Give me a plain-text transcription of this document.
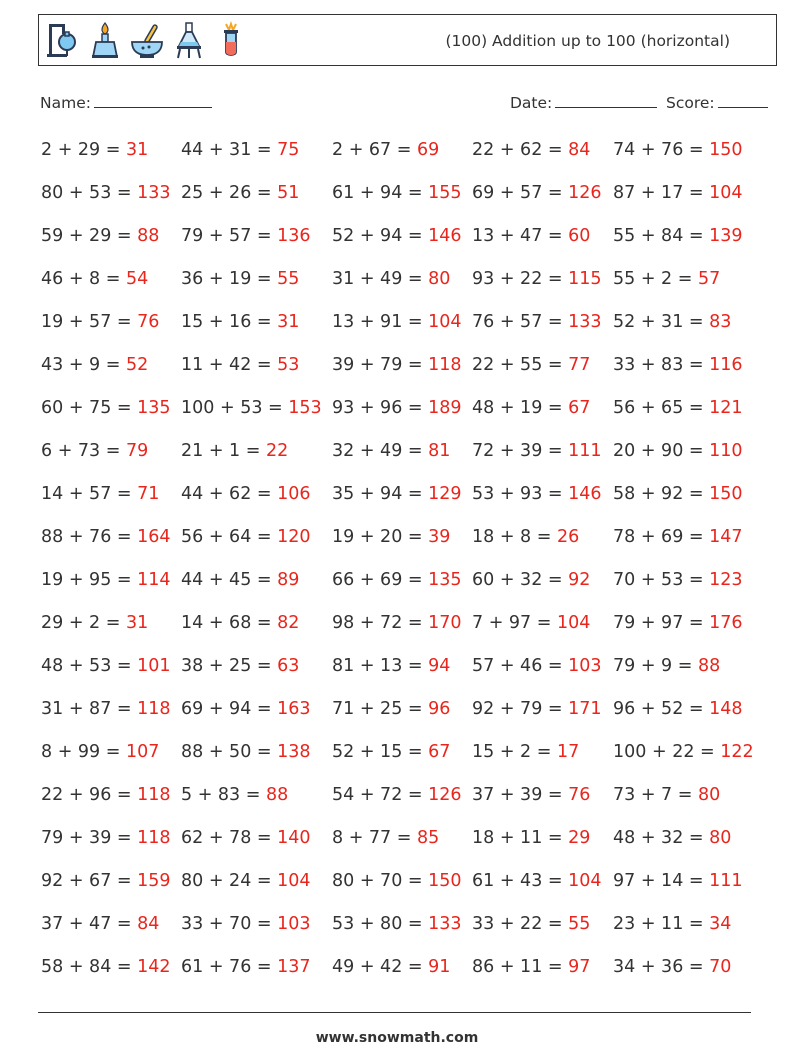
(100) Addition up to 100 (horizontal)
Name:	Date:	Score:
2 + 29 = 31 44 + 31 = 75 2 + 67 = 69 22 + 62 = 84 74 + 76 = 150
80 + 53 = 133 25 + 26 = 51 61 + 94 = 155 69 + 57 = 126 87 + 17 = 104
59 + 29 = 88 79 + 57 = 136 52 + 94 = 146 13 + 47 = 60 55 + 84 = 139
46 + 8 = 54 36 + 19 = 55 31 + 49 = 80 93 + 22 = 115 55 + 2 = 57
19 + 57 = 76 15 + 16 = 31 13 + 91 = 104 76 + 57 = 133 52 + 31 = 83
43 + 9 = 52 11 + 42 = 53 39 + 79 = 118 22 + 55 = 77 33 + 83 = 116
60 + 75 = 135 100 + 53 = 153 93 + 96 = 189 48 + 19 = 67 56 + 65 = 121
6 + 73 = 79 21 + 1 = 22 32 + 49 = 81 72 + 39 = 111 20 + 90 = 110
14 + 57 = 71 44 + 62 = 106 35 + 94 = 129 53 + 93 = 146 58 + 92 = 150
88 + 76 = 164 56 + 64 = 120 19 + 20 = 39 18 + 8 = 26 78 + 69 = 147
19 + 95 = 114 44 + 45 = 89 66 + 69 = 135 60 + 32 = 92 70 + 53 = 123
29 + 2 = 31 14 + 68 = 82 98 + 72 = 170 7 + 97 = 104 79 + 97 = 176
48 + 53 = 101 38 + 25 = 63 81 + 13 = 94 57 + 46 = 103 79 + 9 = 88
31 + 87 = 118 69 + 94 = 163 71 + 25 = 96 92 + 79 = 171 96 + 52 = 148
8 + 99 = 107 88 + 50 = 138 52 + 15 = 67 15 + 2 = 17 100 + 22 = 122
22 + 96 = 118 5 + 83 = 88 54 + 72 = 126 37 + 39 = 76 73 + 7 = 80
79 + 39 = 118 62 + 78 = 140 8 + 77 = 85 18 + 11 = 29 48 + 32 = 80
92 + 67 = 159 80 + 24 = 104 80 + 70 = 150 61 + 43 = 104 97 + 14 = 111
37 + 47 = 84 33 + 70 = 103 53 + 80 = 133 33 + 22 = 55 23 + 11 = 34
58 + 84 = 142 61 + 76 = 137 49 + 42 = 91 86 + 11 = 97 34 + 36 = 70
www.snowmath.com
